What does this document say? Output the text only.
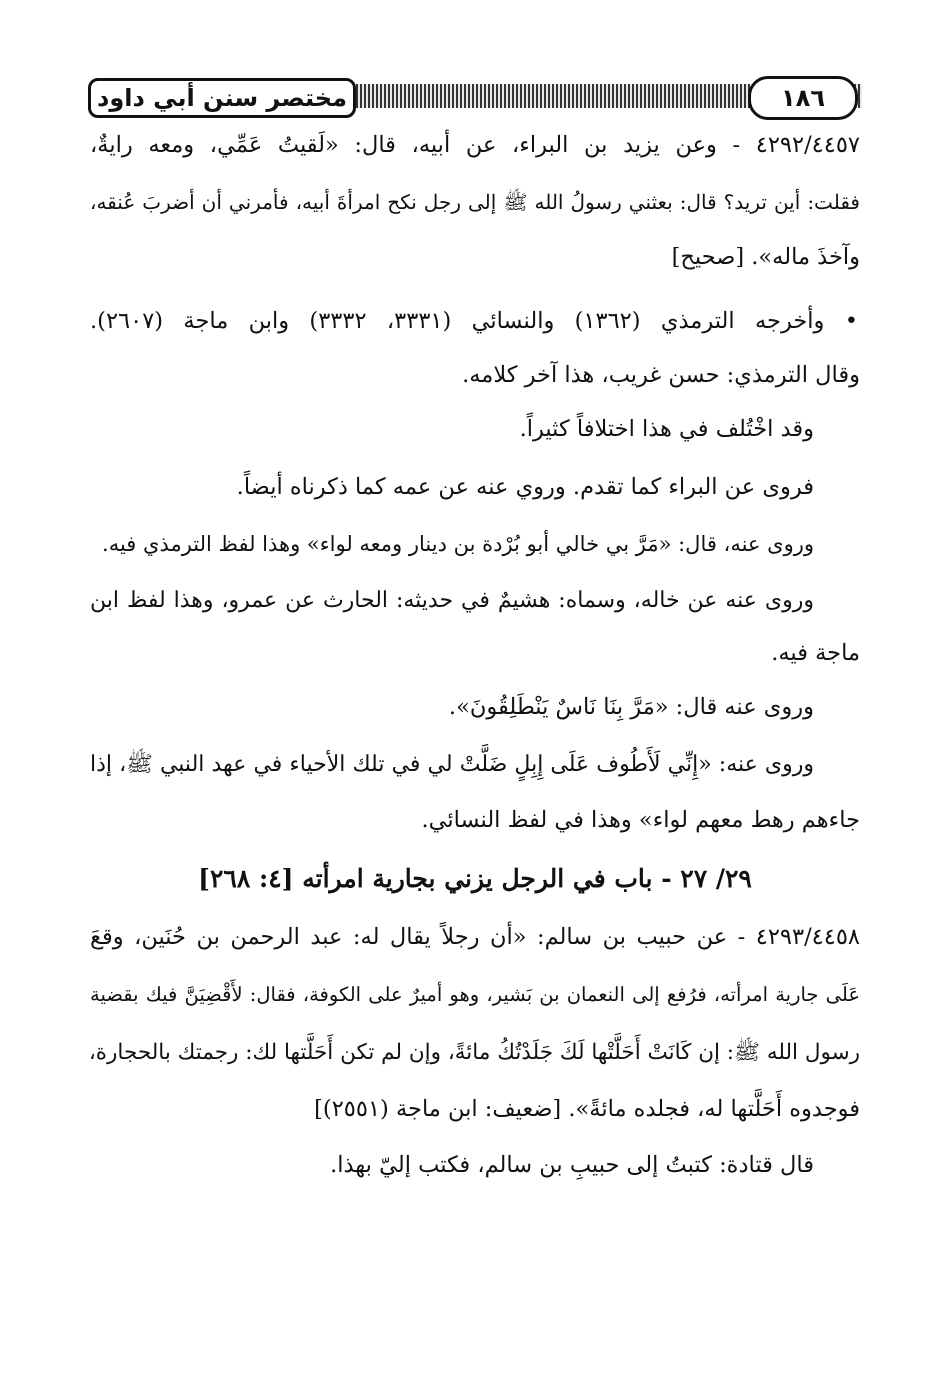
مختصر سنن أبي داود	١٨٦
٤٢٩٢/٤٤٥٧ - وعن يزيد بن البراء، عن أبيه، قال: «لَقيتُ عَمِّي، ومعه رايةٌ،
فقلت: أين تريد؟ قال: بعثني رسولُ الله ﷺ إلى رجل نكح امرأةَ أبيه، فأمرني أن أضربَ عُنقه،
وآخذَ ماله». [صحيح]
• وأخرجه الترمذي (١٣٦٢) والنسائي (٣٣٣١، ٣٣٣٢) وابن ماجة (٢٦٠٧).
وقال الترمذي: حسن غريب، هذا آخر كلامه.
وقد اخْتُلف في هذا اختلافاً كثيراً.
فروى عن البراء كما تقدم. وروي عنه عن عمه كما ذكرناه أيضاً.
وروى عنه، قال: «مَرَّ بي خالي أبو بُرْدة بن دينار ومعه لواء» وهذا لفظ الترمذي فيه.
وروى عنه عن خاله، وسماه: هشيمٌ في حديثه: الحارث عن عمرو، وهذا لفظ ابن
ماجة فيه.
وروى عنه قال: «مَرَّ بِنَا نَاسٌ يَنْطَلِقُونَ».
وروى عنه: «إِنِّي لَأَطُوف عَلَى إِبِلٍ ضَلَّتْ لي في تلك الأحياء في عهد النبي ﷺ، إذا
جاءهم رهط معهم لواء» وهذا في لفظ النسائي.
٢٩/ ٢٧ - باب في الرجل يزني بجارية امرأته [٤: ٢٦٨]
٤٢٩٣/٤٤٥٨ - عن حبيب بن سالم: «أن رجلاً يقال له: عبد الرحمن بن حُنَين، وقعَ
عَلَى جارية امرأته، فرُفع إلى النعمان بن بَشير، وهو أميرٌ على الكوفة، فقال: لأَقْضِيَنَّ فيك بقضية
رسول الله ﷺ: إن كَانَتْ أَحَلَّتْها لَكَ جَلَدْتُكُ مائةً، وإن لم تكن أَحَلَّتها لك: رجمتك بالحجارة،
فوجدوه أَحَلَّتها له، فجلده مائةً». [ضعيف: ابن ماجة (٢٥٥١)]
قال قتادة: كتبتُ إلى حبيبِ بن سالم، فكتب إليّ بهذا.
